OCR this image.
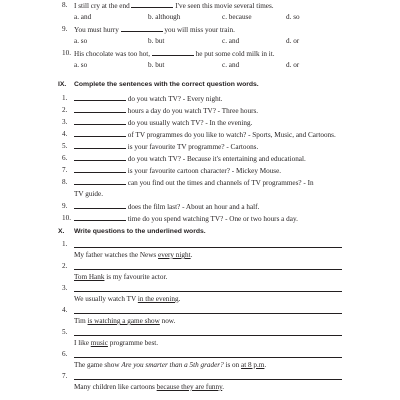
8. I still cry at the end	I've seen this movie several times.
a. and	b. although	c. because	d. so
9. You must hurry	you will miss your train.
a. so	b. but	c. and	d. or
10. His chocolate was too hot,	he put some cold milk in it.
a. so	b. but	c. and	d. or
IX. Complete the sentences with the correct question words.
1.	do you watch TV? - Every night.
2.	hours a day do you watch TV? - Three hours.
3.	do you usually watch TV? - In the evening.
4.	of TV programmes do you like to watch? - Sports, Music, and Cartoons.
5.	is your favourite TV programme? - Cartoons.
6.	do you watch TV? - Because it's entertaining and educational.
7.	is your favourite cartoon character? - Mickey Mouse.
8.	can you find out the times and channels of TV programmes? - In
TV guide.
9.	does the film last? - About an hour and a half.
10.	time do you spend watching TV? - One or two hours a day.
X. Write questions to the underlined words.
1.
My father watches the News every night.
2.
Tom Hank is my favourite actor.
3.
We usually watch TV in the evening.
4.
Tim is watching a game show now.
5.
I like music programme best.
6.
The game show Are you smarter than a 5th grader? is on at 8 p.m.
7.
Many children like cartoons because they are funny.
